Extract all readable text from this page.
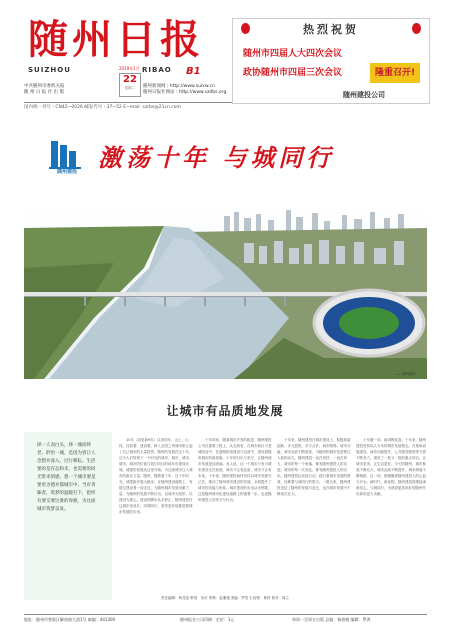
随州日报
SUIZHOU	RIBAO B1
2019年1月
22
星期二
中共随州市委机关报
随 州 日 报 社 出 版
随州新闻网 : http://www.suixw.cn
随州日报社网站 : http://www.szdbs.org
国内统一刊号 : CN42−0026 邮发代号 : 37−52 E−mail: szrbs@21cn.com
热烈祝贺
随州市四届人大四次会议
政协随州市四届三次会议	隆重召开!
随州建投公司
随州建投 激荡十年 与城同行
——资料图片
让城市有品质地发展
择一人而白头，择一城而终老。聆悟一城，是因为曾让人念想并深入，过行耕耘。生活要的是有态和未，也需要的同光带来情感，想一个城市要是要看为德并都城市中。当有青睐者，筑梦的温暖打下，把所有要交要这番的春歌，为这座城市筑梦奋发。
10年（或更新9年）以来的年，山上、山线，经营着、建设着，跨入全国之列城市都立起了自己城市的大量投资，随州的发展在这十年，还为人们规划下一个时光的城市、城市、城市、城市，城市的价值与我们向往的那年年建设同城，城建的发展从这里开始，为这座城市注入城市的新活力量。随州，随着着十年，这十年时光，城建新开展大踏步，在随州建设道路上，有数位建设者一同走过，为随州城市发展贡献力量，为随州的发展不断付出，以城市为纽带，以建设为重心。建设的脚步从未停止，随州建投在这城市里成长，同城同行，更快更好地推进着城市发展的步伐。
十年时间，随着城市开发的推进，随州建投公司在重要工程上，从无到有，在城市新区与老城改造中，在道路桥梁建设与运营中，建设着随州城市的新面貌。十年的付出与坚守，让随州城市发展更加美丽。有人说，这一个城市只有当城市建设走在前面，城市才会有品质，城市才会有未来。十年来，随州建投始终坚持以城市发展为己任，推动了随州城市建设的发展，全面提升了城市的功能与形象，城市建设的步伐从未停歇，这是随州城市化建设道路上的重要一步，也是随州建投人的坚守与付出。
十年来，随州建投在城市建设上，积极探索创新，多元投资，多方合作，城市路网、城市功能、城市品质不断提高，为随州的城市化进程注入新的动力。随州建投一直在坚持，一直在努力，城市的每一个角落，都有随州建投人的足迹，城市的每一次变化，都有随州建投人的付出。随州建投以实际行动，践行着城市发展的使命，诠释着与城同行的誓言。一路走来，随州建投见证了随州的发展与变迁，也在城市发展中不断成长壮大。
十年磨一剑，砺得梅花香。十年来，随州建投坚持以人为本的城市发展理念，在基础设施建设、城市功能提升、公共服务配套等方面不断发力，建设了一批又一批的重点项目，让城市更美、让生活更好。今天的随州，城市框架不断拉大，城市品质不断提升，城市颜值不断刷新，这一切，都凝聚着随州建投人的心血与汗水。新时代，新征程，随州建投将继续秉承初心，与城同行，为建设更加美好的随州作出新的更大贡献。
责任编辑：杨龙伦 策划：吴可 审核：赵兼超 美编：罗雪飞 检察：黄昌 校对：周立
地址：随州市曾都区解放路大道1号 邮编：441300	随州报业公司印刷 · 定价：1元	每周一至周五出版 总编：杨春桃 编辑：罗鸿
